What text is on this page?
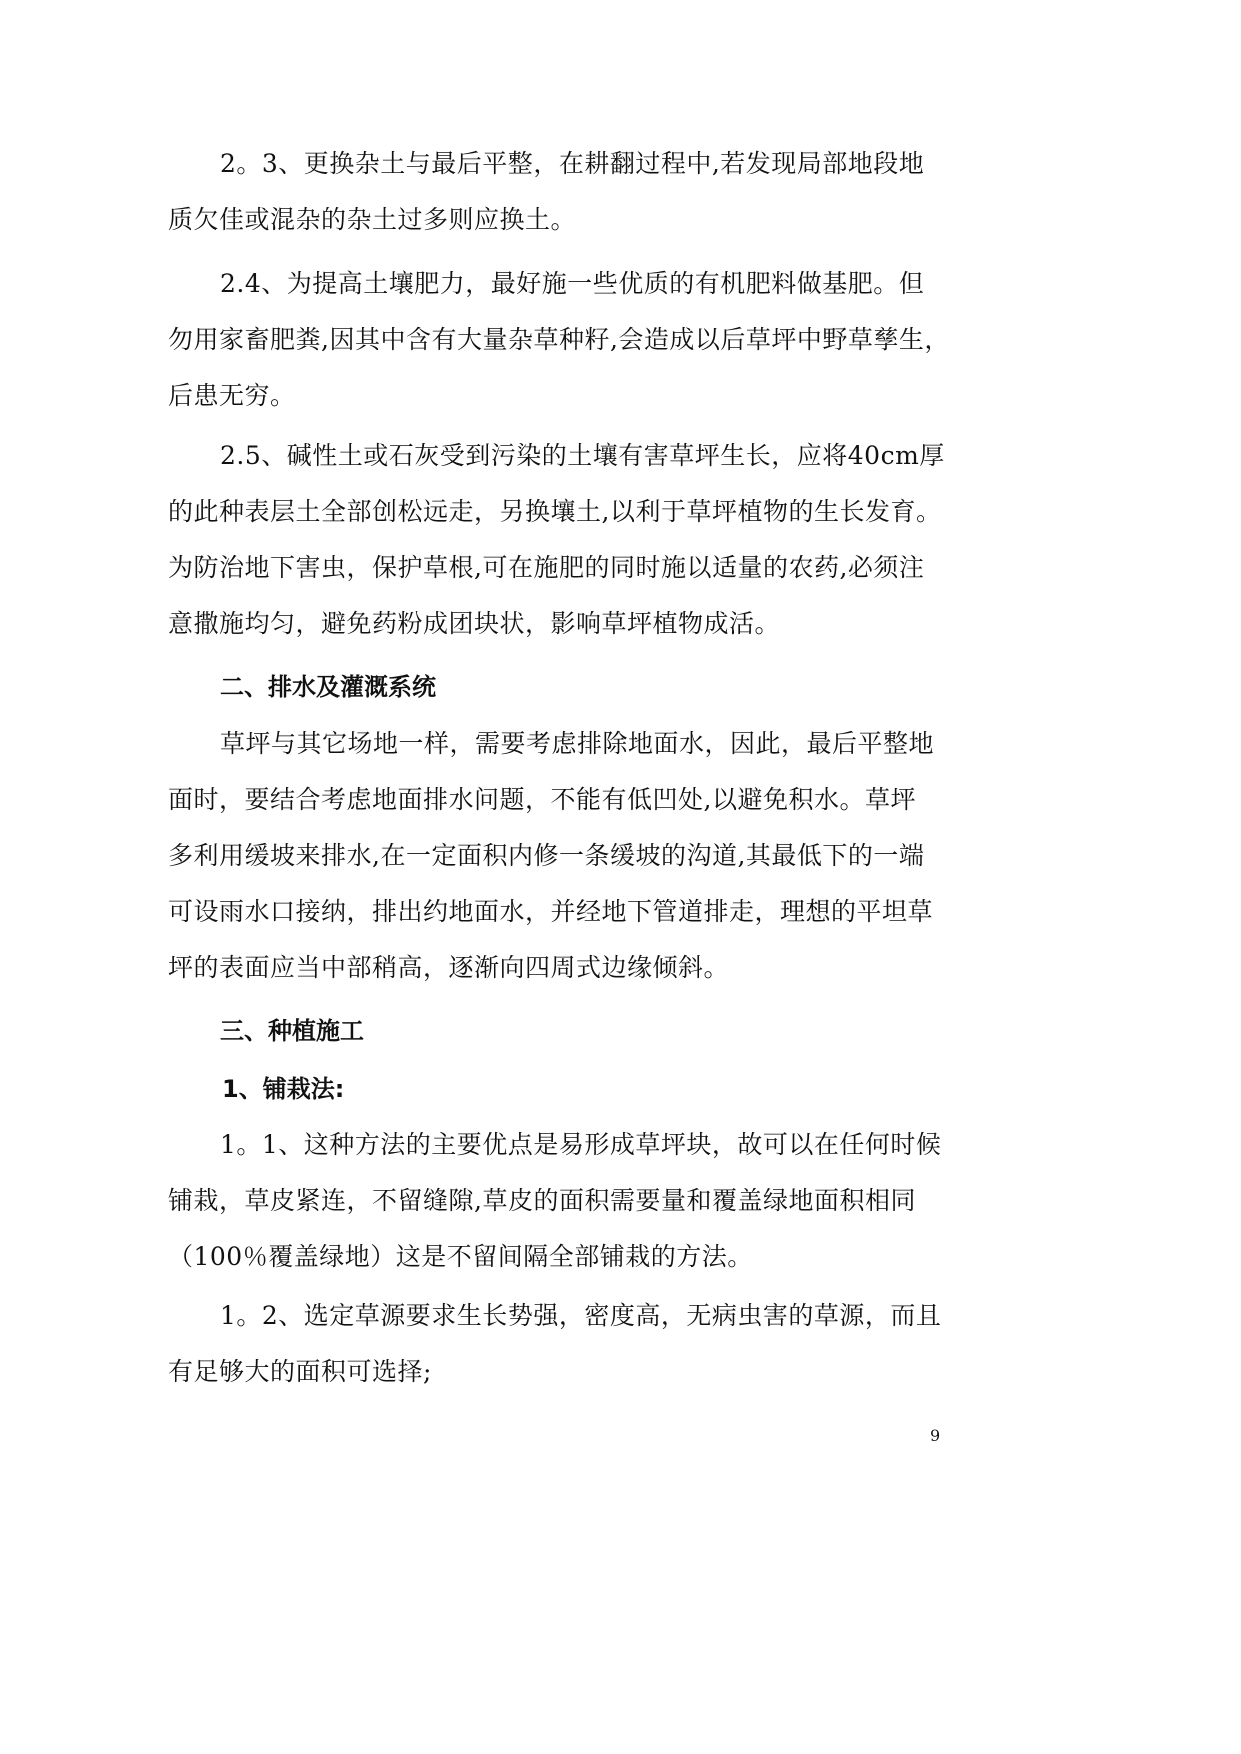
2。3、更换杂土与最后平整，在耕翻过程中,若发现局部地段地
质欠佳或混杂的杂土过多则应换土。
2.4、为提高土壤肥力，最好施一些优质的有机肥料做基肥。但
勿用家畜肥粪,因其中含有大量杂草种籽,会造成以后草坪中野草孳生，
后患无穷。
2.5、碱性土或石灰受到污染的土壤有害草坪生长，应将40cm厚
的此种表层土全部创松远走，另换壤土,以利于草坪植物的生长发育。
为防治地下害虫，保护草根,可在施肥的同时施以适量的农药,必须注
意撒施均匀，避免药粉成团块状，影响草坪植物成活。
二、排水及灌溉系统
草坪与其它场地一样，需要考虑排除地面水，因此，最后平整地
面时，要结合考虑地面排水问题，不能有低凹处,以避免积水。草坪
多利用缓坡来排水,在一定面积内修一条缓坡的沟道,其最低下的一端
可设雨水口接纳，排出约地面水，并经地下管道排走，理想的平坦草
坪的表面应当中部稍高，逐渐向四周式边缘倾斜。
三、种植施工
1、铺栽法:
1。1、这种方法的主要优点是易形成草坪块，故可以在任何时候
铺栽，草皮紧连，不留缝隙,草皮的面积需要量和覆盖绿地面积相同
（100％覆盖绿地）这是不留间隔全部铺栽的方法。
1。2、选定草源要求生长势强，密度高，无病虫害的草源，而且
有足够大的面积可选择;
9
